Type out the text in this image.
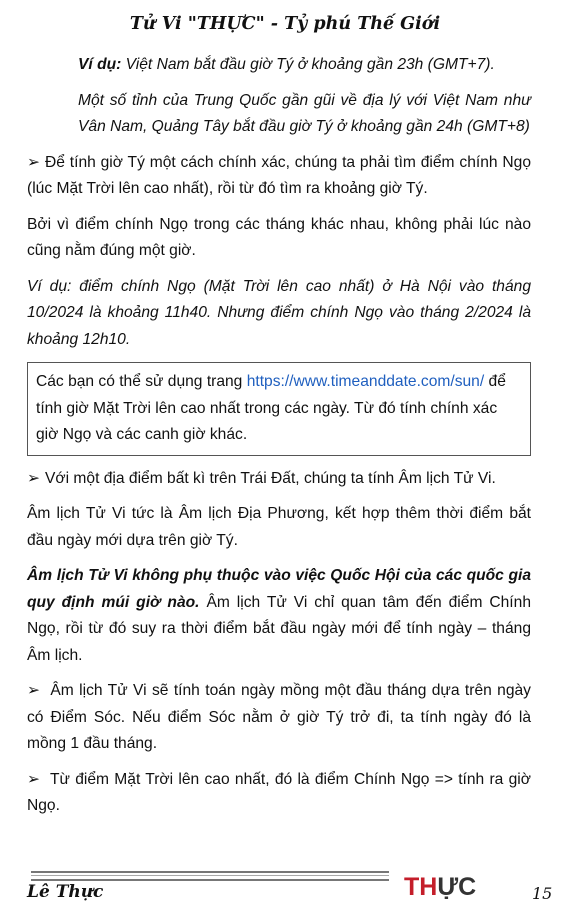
Tử Vi "THỰC" - Tỷ phú Thế Giới

Ví dụ: Việt Nam bắt đầu giờ Tý ở khoảng gần 23h (GMT+7).

Một số tỉnh của Trung Quốc gần gũi về địa lý với Việt Nam như Vân Nam, Quảng Tây bắt đầu giờ Tý ở khoảng gần 24h (GMT+8)

➢ Để tính giờ Tý một cách chính xác, chúng ta phải tìm điểm chính Ngọ (lúc Mặt Trời lên cao nhất), rồi từ đó tìm ra khoảng giờ Tý.

Bởi vì điểm chính Ngọ trong các tháng khác nhau, không phải lúc nào cũng nằm đúng một giờ.

Ví dụ: điểm chính Ngọ (Mặt Trời lên cao nhất) ở Hà Nội vào tháng 10/2024 là khoảng 11h40. Nhưng điểm chính Ngọ vào tháng 2/2024 là khoảng 12h10.

Các bạn có thể sử dụng trang https://www.timeanddate.com/sun/ để tính giờ Mặt Trời lên cao nhất trong các ngày. Từ đó tính chính xác giờ Ngọ và các canh giờ khác.

➢ Với một địa điểm bất kì trên Trái Đất, chúng ta tính Âm lịch Tử Vi.

Âm lịch Tử Vi tức là Âm lịch Địa Phương, kết hợp thêm thời điểm bắt đầu ngày mới dựa trên giờ Tý.

Âm lịch Tử Vi không phụ thuộc vào việc Quốc Hội của các quốc gia quy định múi giờ nào. Âm lịch Tử Vi chỉ quan tâm đến điểm Chính Ngọ, rồi từ đó suy ra thời điểm bắt đầu ngày mới để tính ngày – tháng Âm lịch.

➢ Âm lịch Tử Vi sẽ tính toán ngày mồng một đầu tháng dựa trên ngày có Điểm Sóc. Nếu điểm Sóc nằm ở giờ Tý trở đi, ta tính ngày đó là mồng 1 đầu tháng.

➢ Từ điểm Mặt Trời lên cao nhất, đó là điểm Chính Ngọ => tính ra giờ Ngọ.

Lê Thực	THỰC	15
